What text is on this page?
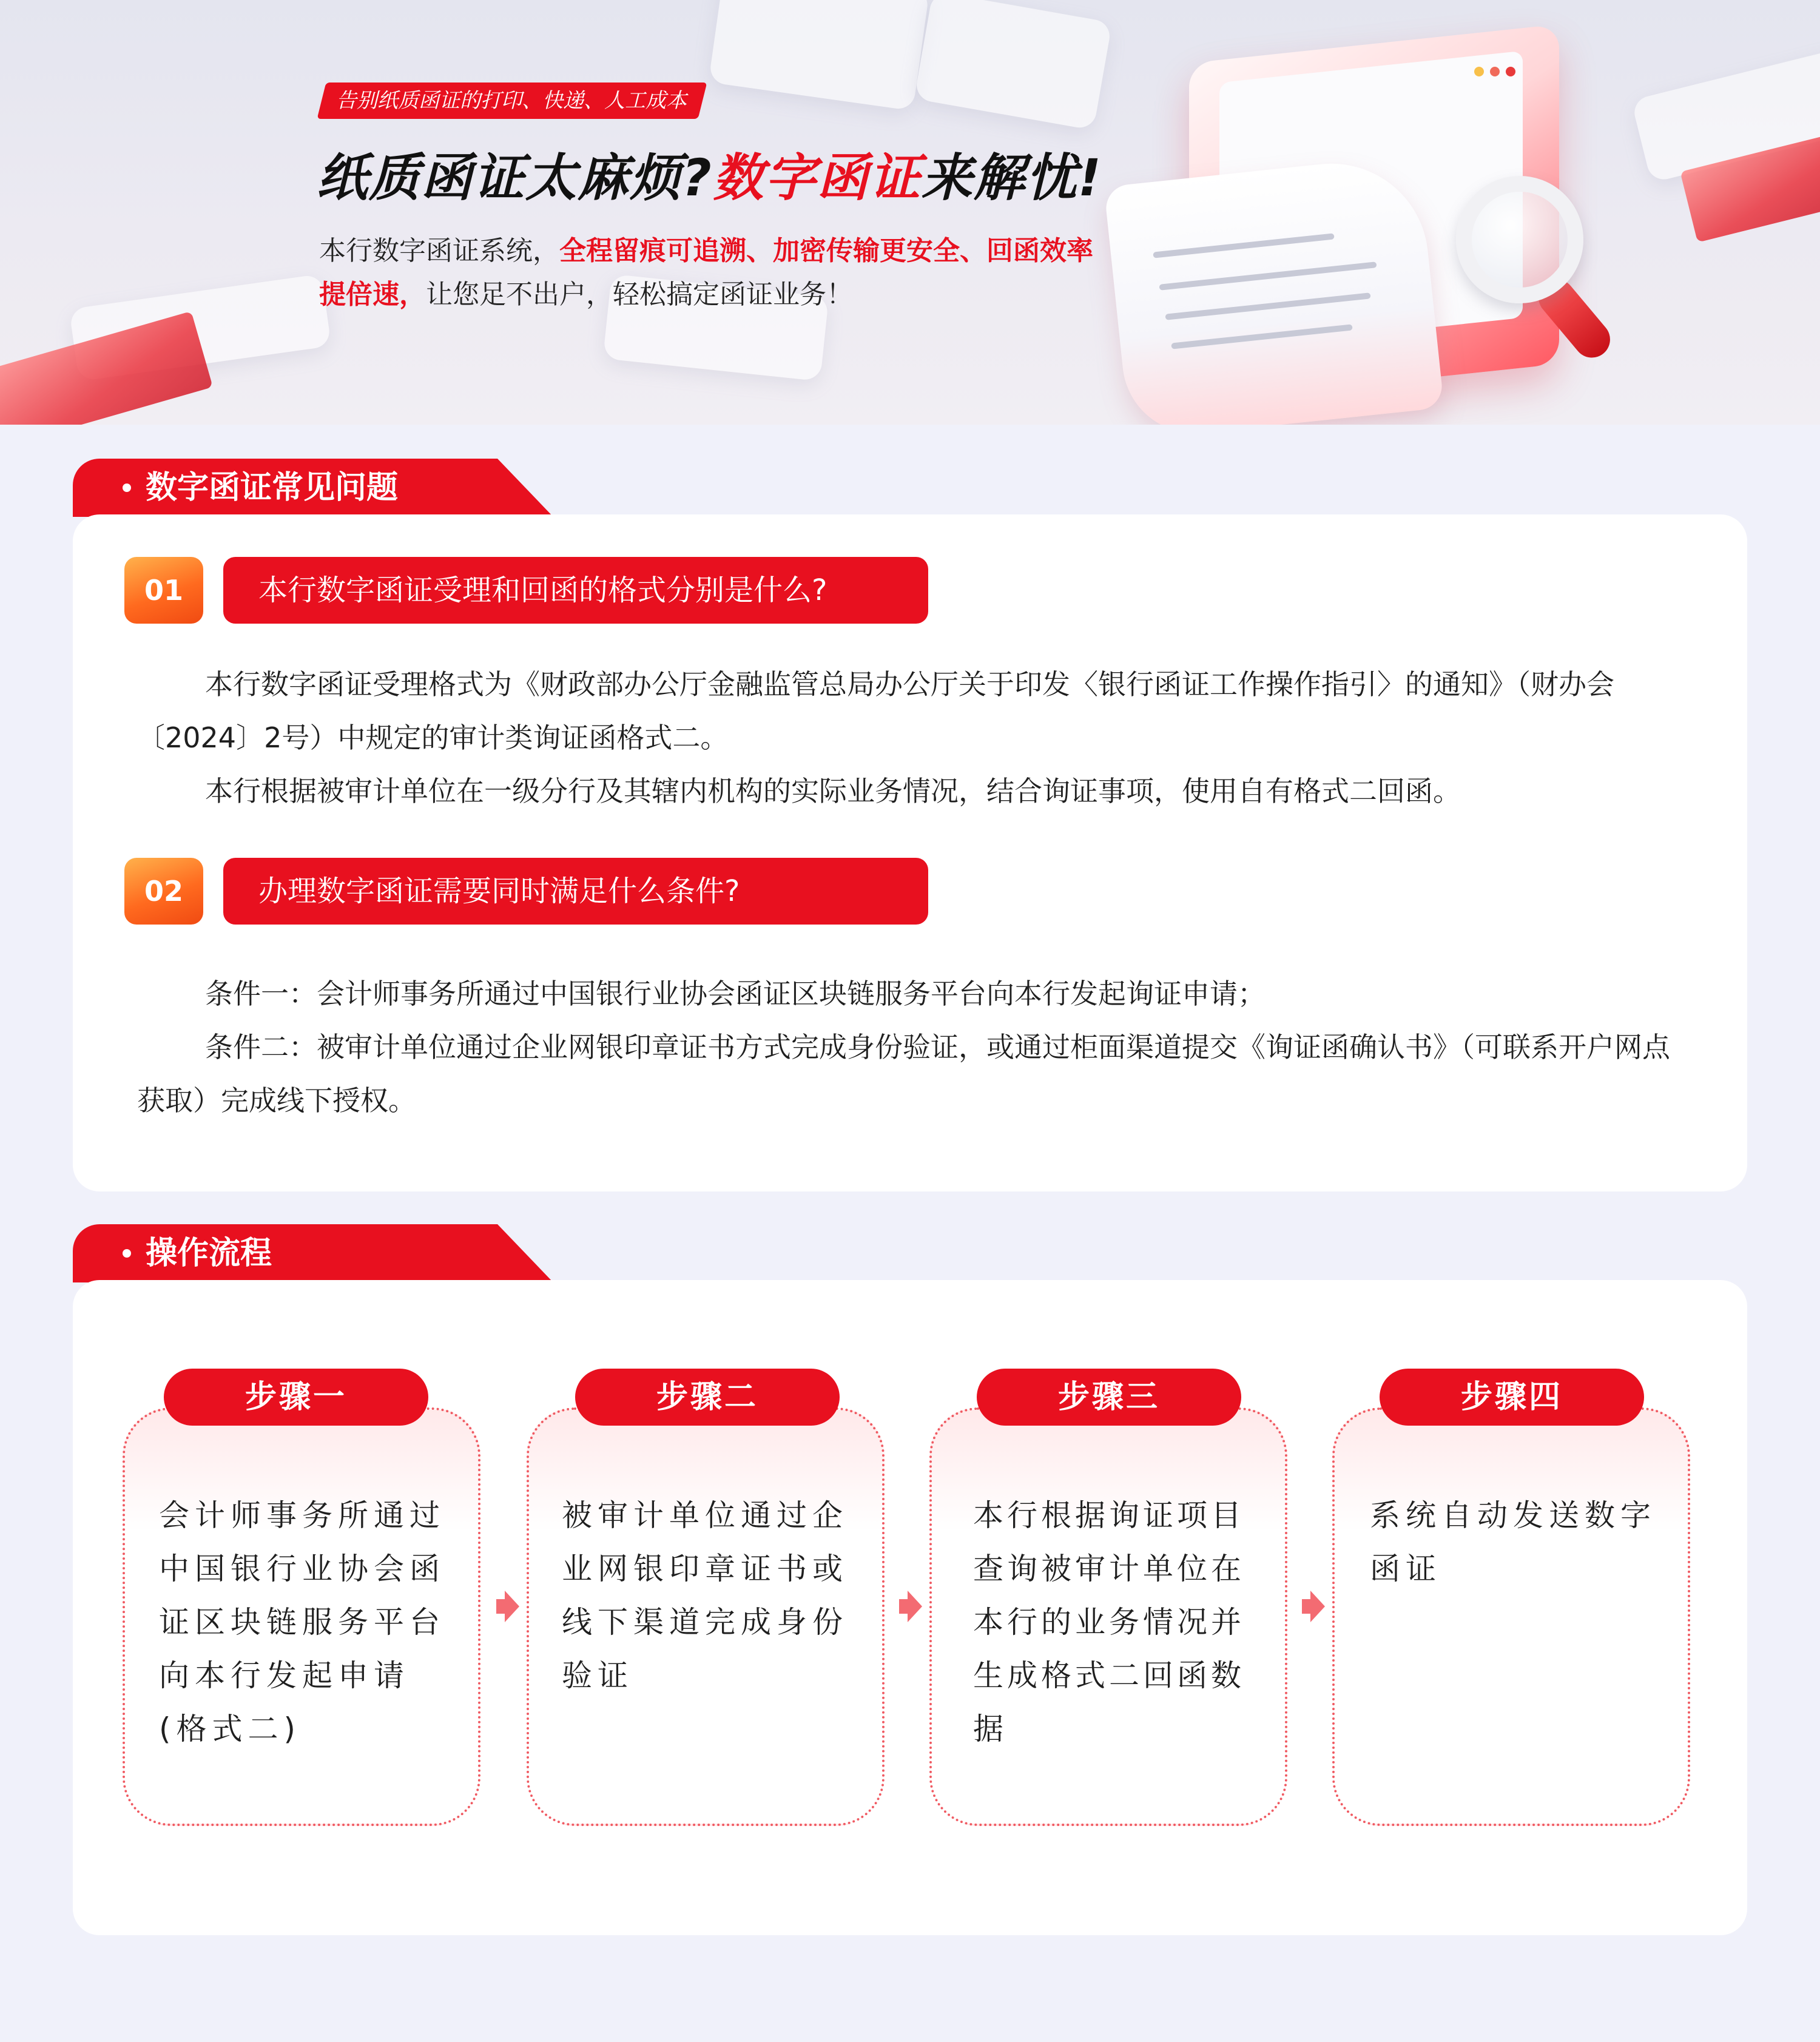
告别纸质函证的打印、快递、人工成本
纸质函证太麻烦?数字函证来解忧!
本行数字函证系统，全程留痕可追溯、加密传输更安全、回函效率提倍速，让您足不出户，轻松搞定函证业务！
数字函证常见问题
01	本行数字函证受理和回函的格式分别是什么?

本行数字函证受理格式为《财政部办公厅金融监管总局办公厅关于印发〈银行函证工作操作指引〉的通知》（财办会〔2024〕2号）中规定的审计类询证函格式二。

本行根据被审计单位在一级分行及其辖内机构的实际业务情况，结合询证事项，使用自有格式二回函。

02	办理数字函证需要同时满足什么条件?

条件一：会计师事务所通过中国银行业协会函证区块链服务平台向本行发起询证申请；

条件二：被审计单位通过企业网银印章证书方式完成身份验证，或通过柜面渠道提交《询证函确认书》（可联系开户网点获取）完成线下授权。

操作流程
步骤一
会计师事务所通过中国银行业协会函证区块链服务平台向本行发起申请(格式二)
步骤二
被审计单位通过企业网银印章证书或线下渠道完成身份验证
步骤三
本行根据询证项目查询被审计单位在本行的业务情况并生成格式二回函数据
步骤四
系统自动发送数字函证
